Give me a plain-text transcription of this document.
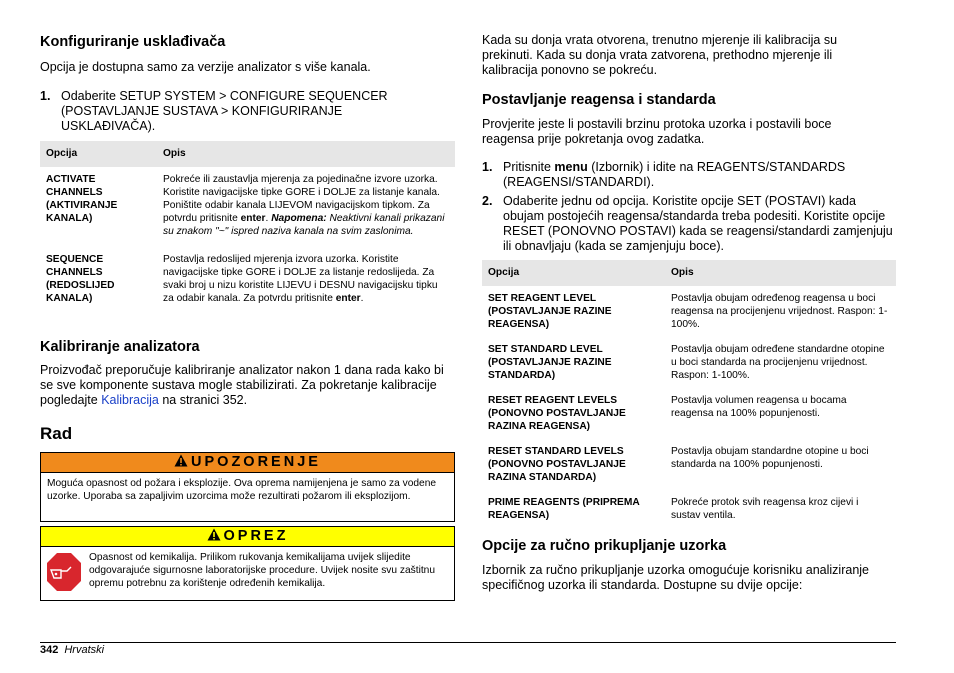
Konfiguriranje usklađivača

Opcija je dostupna samo za verzije analizator s više kanala.

1. Odaberite SETUP SYSTEM > CONFIGURE SEQUENCER (POSTAVLJANJE SUSTAVA > KONFIGURIRANJE USKLAĐIVAČA).
Opcija	Opis
ACTIVATE CHANNELS (AKTIVIRANJE KANALA)	Pokreće ili zaustavlja mjerenja za pojedinačne izvore uzorka. Koristite navigacijske tipke GORE i DOLJE za listanje kanala. Poništite odabir kanala LIJEVOM navigacijskom tipkom. Za potvrdu pritisnite enter. Napomena: Neaktivni kanali prikazani su znakom "~" ispred naziva kanala na svim zaslonima.
SEQUENCE CHANNELS (REDOSLIJED KANALA)	Postavlja redoslijed mjerenja izvora uzorka. Koristite navigacijske tipke GORE i DOLJE za listanje redoslijeda. Za svaki broj u nizu koristite LIJEVU i DESNU navigacijsku tipku za odabir kanala. Za potvrdu pritisnite enter.
Kalibriranje analizatora

Proizvođač preporučuje kalibriranje analizator nakon 1 dana rada kako bi se sve komponente sustava mogle stabilizirati. Za pokretanje kalibracije pogledajte Kalibracija na stranici 352.

Rad
UPOZORENJE
Moguća opasnost od požara i eksplozije. Ova oprema namijenjena je samo za vodene uzorke. Uporaba sa zapaljivim uzorcima može rezultirati požarom ili eksplozijom.
OPREZ
Opasnost od kemikalija. Prilikom rukovanja kemikalijama uvijek slijedite odgovarajuće sigurnosne laboratorijske procedure. Uvijek nosite svu zaštitnu opremu potrebnu za korištenje određenih kemikalija.

Kada su donja vrata otvorena, trenutno mjerenje ili kalibracija su prekinuti. Kada su donja vrata zatvorena, prethodno mjerenje ili kalibracija ponovno se pokreću.

Postavljanje reagensa i standarda

Provjerite jeste li postavili brzinu protoka uzorka i postavili boce reagensa prije pokretanja ovog zadatka.

1. Pritisnite menu (Izbornik) i idite na REAGENTS/STANDARDS (REAGENSI/STANDARDI).
2. Odaberite jednu od opcija. Koristite opcije SET (POSTAVI) kada obujam postojećih reagensa/standarda treba podesiti. Koristite opcije RESET (PONOVNO POSTAVI) kada se reagensi/standardi zamjenjuju ili obnavljaju (kada se zamjenjuju boce).
Opcija	Opis
SET REAGENT LEVEL (POSTAVLJANJE RAZINE REAGENSA)	Postavlja obujam određenog reagensa u boci reagensa na procijenjenu vrijednost. Raspon: 1-100%.
SET STANDARD LEVEL (POSTAVLJANJE RAZINE STANDARDA)	Postavlja obujam određene standardne otopine u boci standarda na procijenjenu vrijednost. Raspon: 1-100%.
RESET REAGENT LEVELS (PONOVNO POSTAVLJANJE RAZINA REAGENSA)	Postavlja volumen reagensa u bocama reagensa na 100% popunjenosti.
RESET STANDARD LEVELS (PONOVNO POSTAVLJANJE RAZINA STANDARDA)	Postavlja obujam standardne otopine u boci standarda na 100% popunjenosti.
PRIME REAGENTS (PRIPREMA REAGENSA)	Pokreće protok svih reagensa kroz cijevi i sustav ventila.
Opcije za ručno prikupljanje uzorka

Izbornik za ručno prikupljanje uzorka omogućuje korisniku analiziranje specifičnog uzorka ili standarda. Dostupne su dvije opcije:

342 Hrvatski
